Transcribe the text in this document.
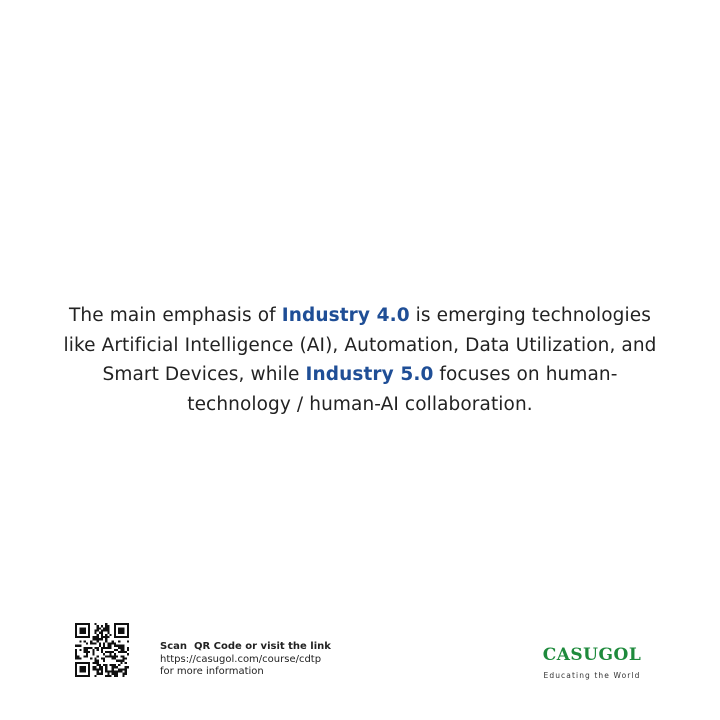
The main emphasis of Industry 4.0 is emerging technologies like Artificial Intelligence (AI), Automation, Data Utilization, and Smart Devices, while Industry 5.0 focuses on human-technology / human-AI collaboration.
Scan  QR Code or visit the link
https://casugol.com/course/cdtp
for more information
CASUGOL
Educating the World
